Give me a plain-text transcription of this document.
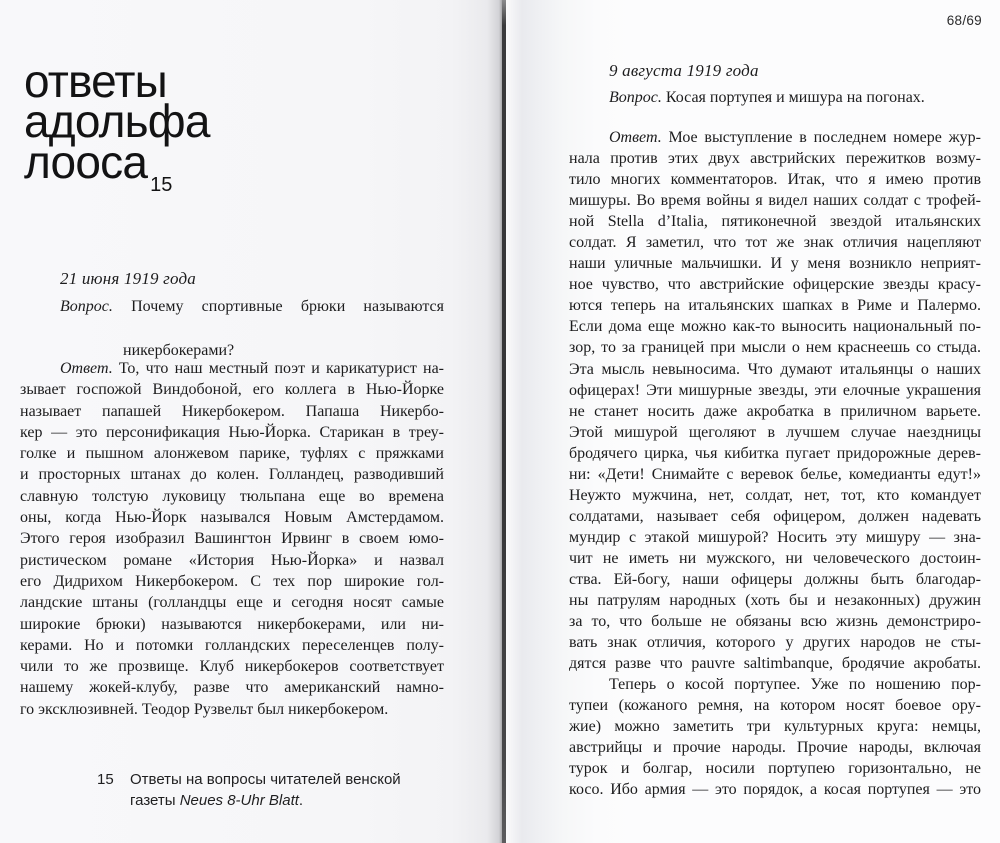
ответы
адольфа
лооса $_{15}$

21 июня 1919 года

Вопрос. Почему спортивные брюки называются
никербокерами?
Ответ. То, что наш местный поэт и карикатурист на-
зывает госпожой Виндобоной, его коллега в Нью-Йорке
называет папашей Никербокером. Папаша Никербо-
кер — это персонификация Нью-Йорка. Старикан в треу-
голке и пышном алонжевом парике, туфлях с пряжками
и просторных штанах до колен. Голландец, разводивший
славную толстую луковицу тюльпана еще во времена
оны, когда Нью-Йорк назывался Новым Амстердамом.
Этого героя изобразил Вашингтон Ирвинг в своем юмо-
ристическом романе «История Нью-Йорка» и назвал
его Дидрихом Никербокером. С тех пор широкие гол-
ландские штаны (голландцы еще и сегодня носят самые
широкие брюки) называются никербокерами, или ни-
керами. Но и потомки голландских переселенцев полу-
чили то же прозвище. Клуб никербокеров соответствует
нашему жокей-клубу, разве что американский намно-
го эксклюзивней. Теодор Рузвельт был никербокером.
15	Ответы на вопросы читателей венской
газеты Neues 8-Uhr Blatt.
68/69

9 августа 1919 года

Вопрос. Косая портупея и мишура на погонах.
Ответ. Мое выступление в последнем номере жур-
нала против этих двух австрийских пережитков возму-
тило многих комментаторов. Итак, что я имею против
мишуры. Во время войны я видел наших солдат с трофей-
ной Stella d’Italia, пятиконечной звездой итальянских
солдат. Я заметил, что тот же знак отличия нацепляют
наши уличные мальчишки. И у меня возникло неприят-
ное чувство, что австрийские офицерские звезды красу-
ются теперь на итальянских шапках в Риме и Палермо.
Если дома еще можно как-то выносить национальный по-
зор, то за границей при мысли о нем краснеешь со стыда.
Эта мысль невыносима. Что думают итальянцы о наших
офицерах! Эти мишурные звезды, эти елочные украшения
не станет носить даже акробатка в приличном варьете.
Этой мишурой щеголяют в лучшем случае наездницы
бродячего цирка, чья кибитка пугает придорожные дерев-
ни: «Дети! Снимайте с веревок белье, комедианты едут!»
Неужто мужчина, нет, солдат, нет, тот, кто командует
солдатами, называет себя офицером, должен надевать
мундир с этакой мишурой? Носить эту мишуру — зна-
чит не иметь ни мужского, ни человеческого достоин-
ства. Ей-богу, наши офицеры должны быть благодар-
ны патрулям народных (хоть бы и незаконных) дружин
за то, что больше не обязаны всю жизнь демонстриро-
вать знак отличия, которого у других народов не сты-
дятся разве что pauvre saltimbanque, бродячие акробаты.
Теперь о косой портупее. Уже по ношению пор-
тупеи (кожаного ремня, на котором носят боевое ору-
жие) можно заметить три культурных круга: немцы,
австрийцы и прочие народы. Прочие народы, включая
турок и болгар, носили портупею горизонтально, не
косо. Ибо армия — это порядок, а косая портупея — это
